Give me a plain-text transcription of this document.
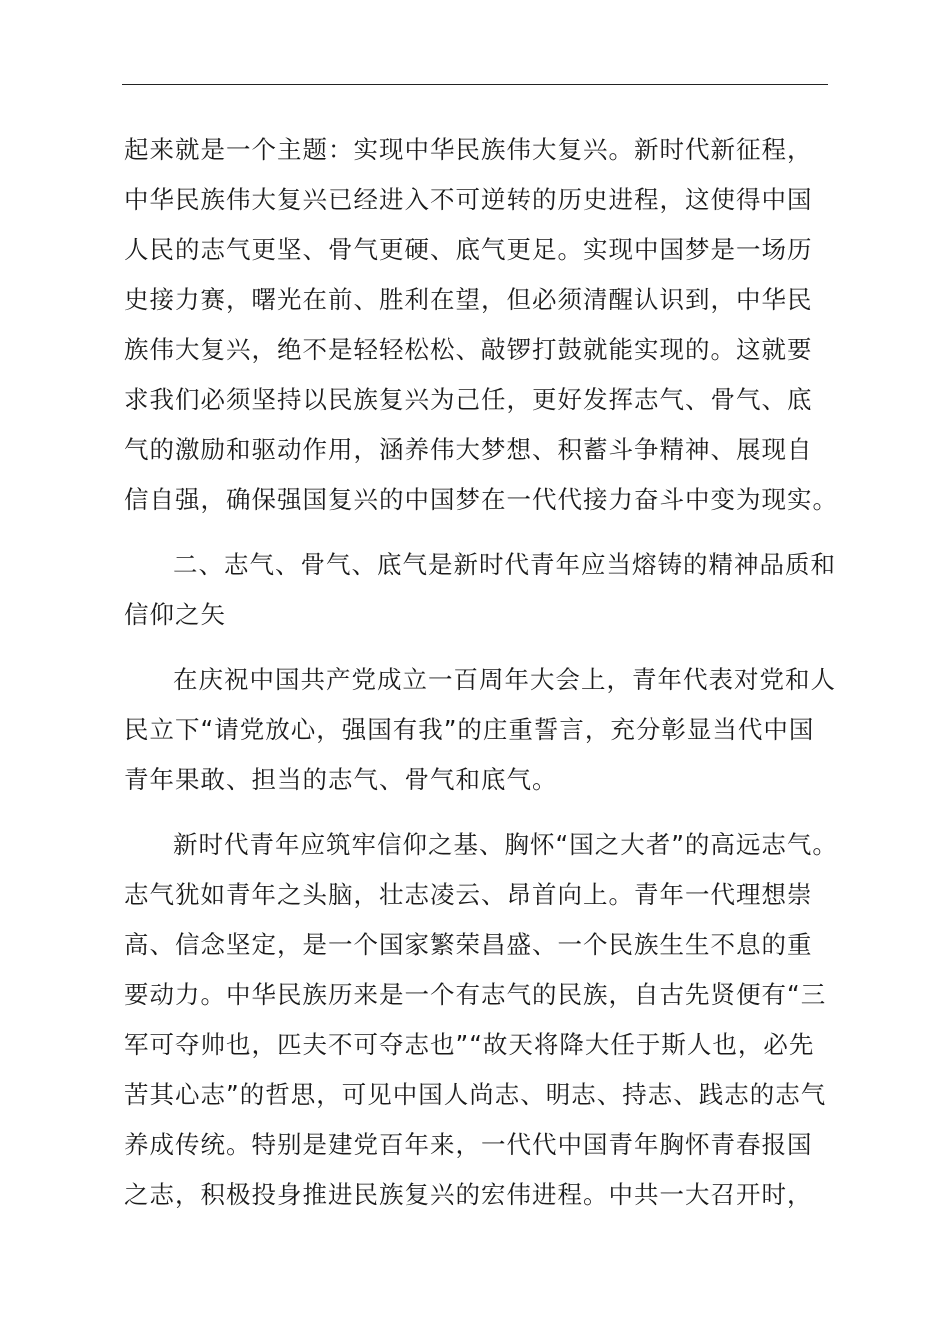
起来就是一个主题：实现中华民族伟大复兴。新时代新征程，
中华民族伟大复兴已经进入不可逆转的历史进程，这使得中国
人民的志气更坚、骨气更硬、底气更足。实现中国梦是一场历
史接力赛，曙光在前、胜利在望，但必须清醒认识到，中华民
族伟大复兴，绝不是轻轻松松、敲锣打鼓就能实现的。这就要
求我们必须坚持以民族复兴为己任，更好发挥志气、骨气、底
气的激励和驱动作用，涵养伟大梦想、积蓄斗争精神、展现自
信自强，确保强国复兴的中国梦在一代代接力奋斗中变为现实。
二、志气、骨气、底气是新时代青年应当熔铸的精神品质和
信仰之矢
在庆祝中国共产党成立一百周年大会上，青年代表对党和人
民立下“请党放心，强国有我”的庄重誓言，充分彰显当代中国
青年果敢、担当的志气、骨气和底气。
新时代青年应筑牢信仰之基、胸怀“国之大者”的高远志气。
志气犹如青年之头脑，壮志凌云、昂首向上。青年一代理想崇
高、信念坚定，是一个国家繁荣昌盛、一个民族生生不息的重
要动力。中华民族历来是一个有志气的民族，自古先贤便有“三
军可夺帅也，匹夫不可夺志也”“故天将降大任于斯人也，必先
苦其心志”的哲思，可见中国人尚志、明志、持志、践志的志气
养成传统。特别是建党百年来，一代代中国青年胸怀青春报国
之志，积极投身推进民族复兴的宏伟进程。中共一大召开时，
